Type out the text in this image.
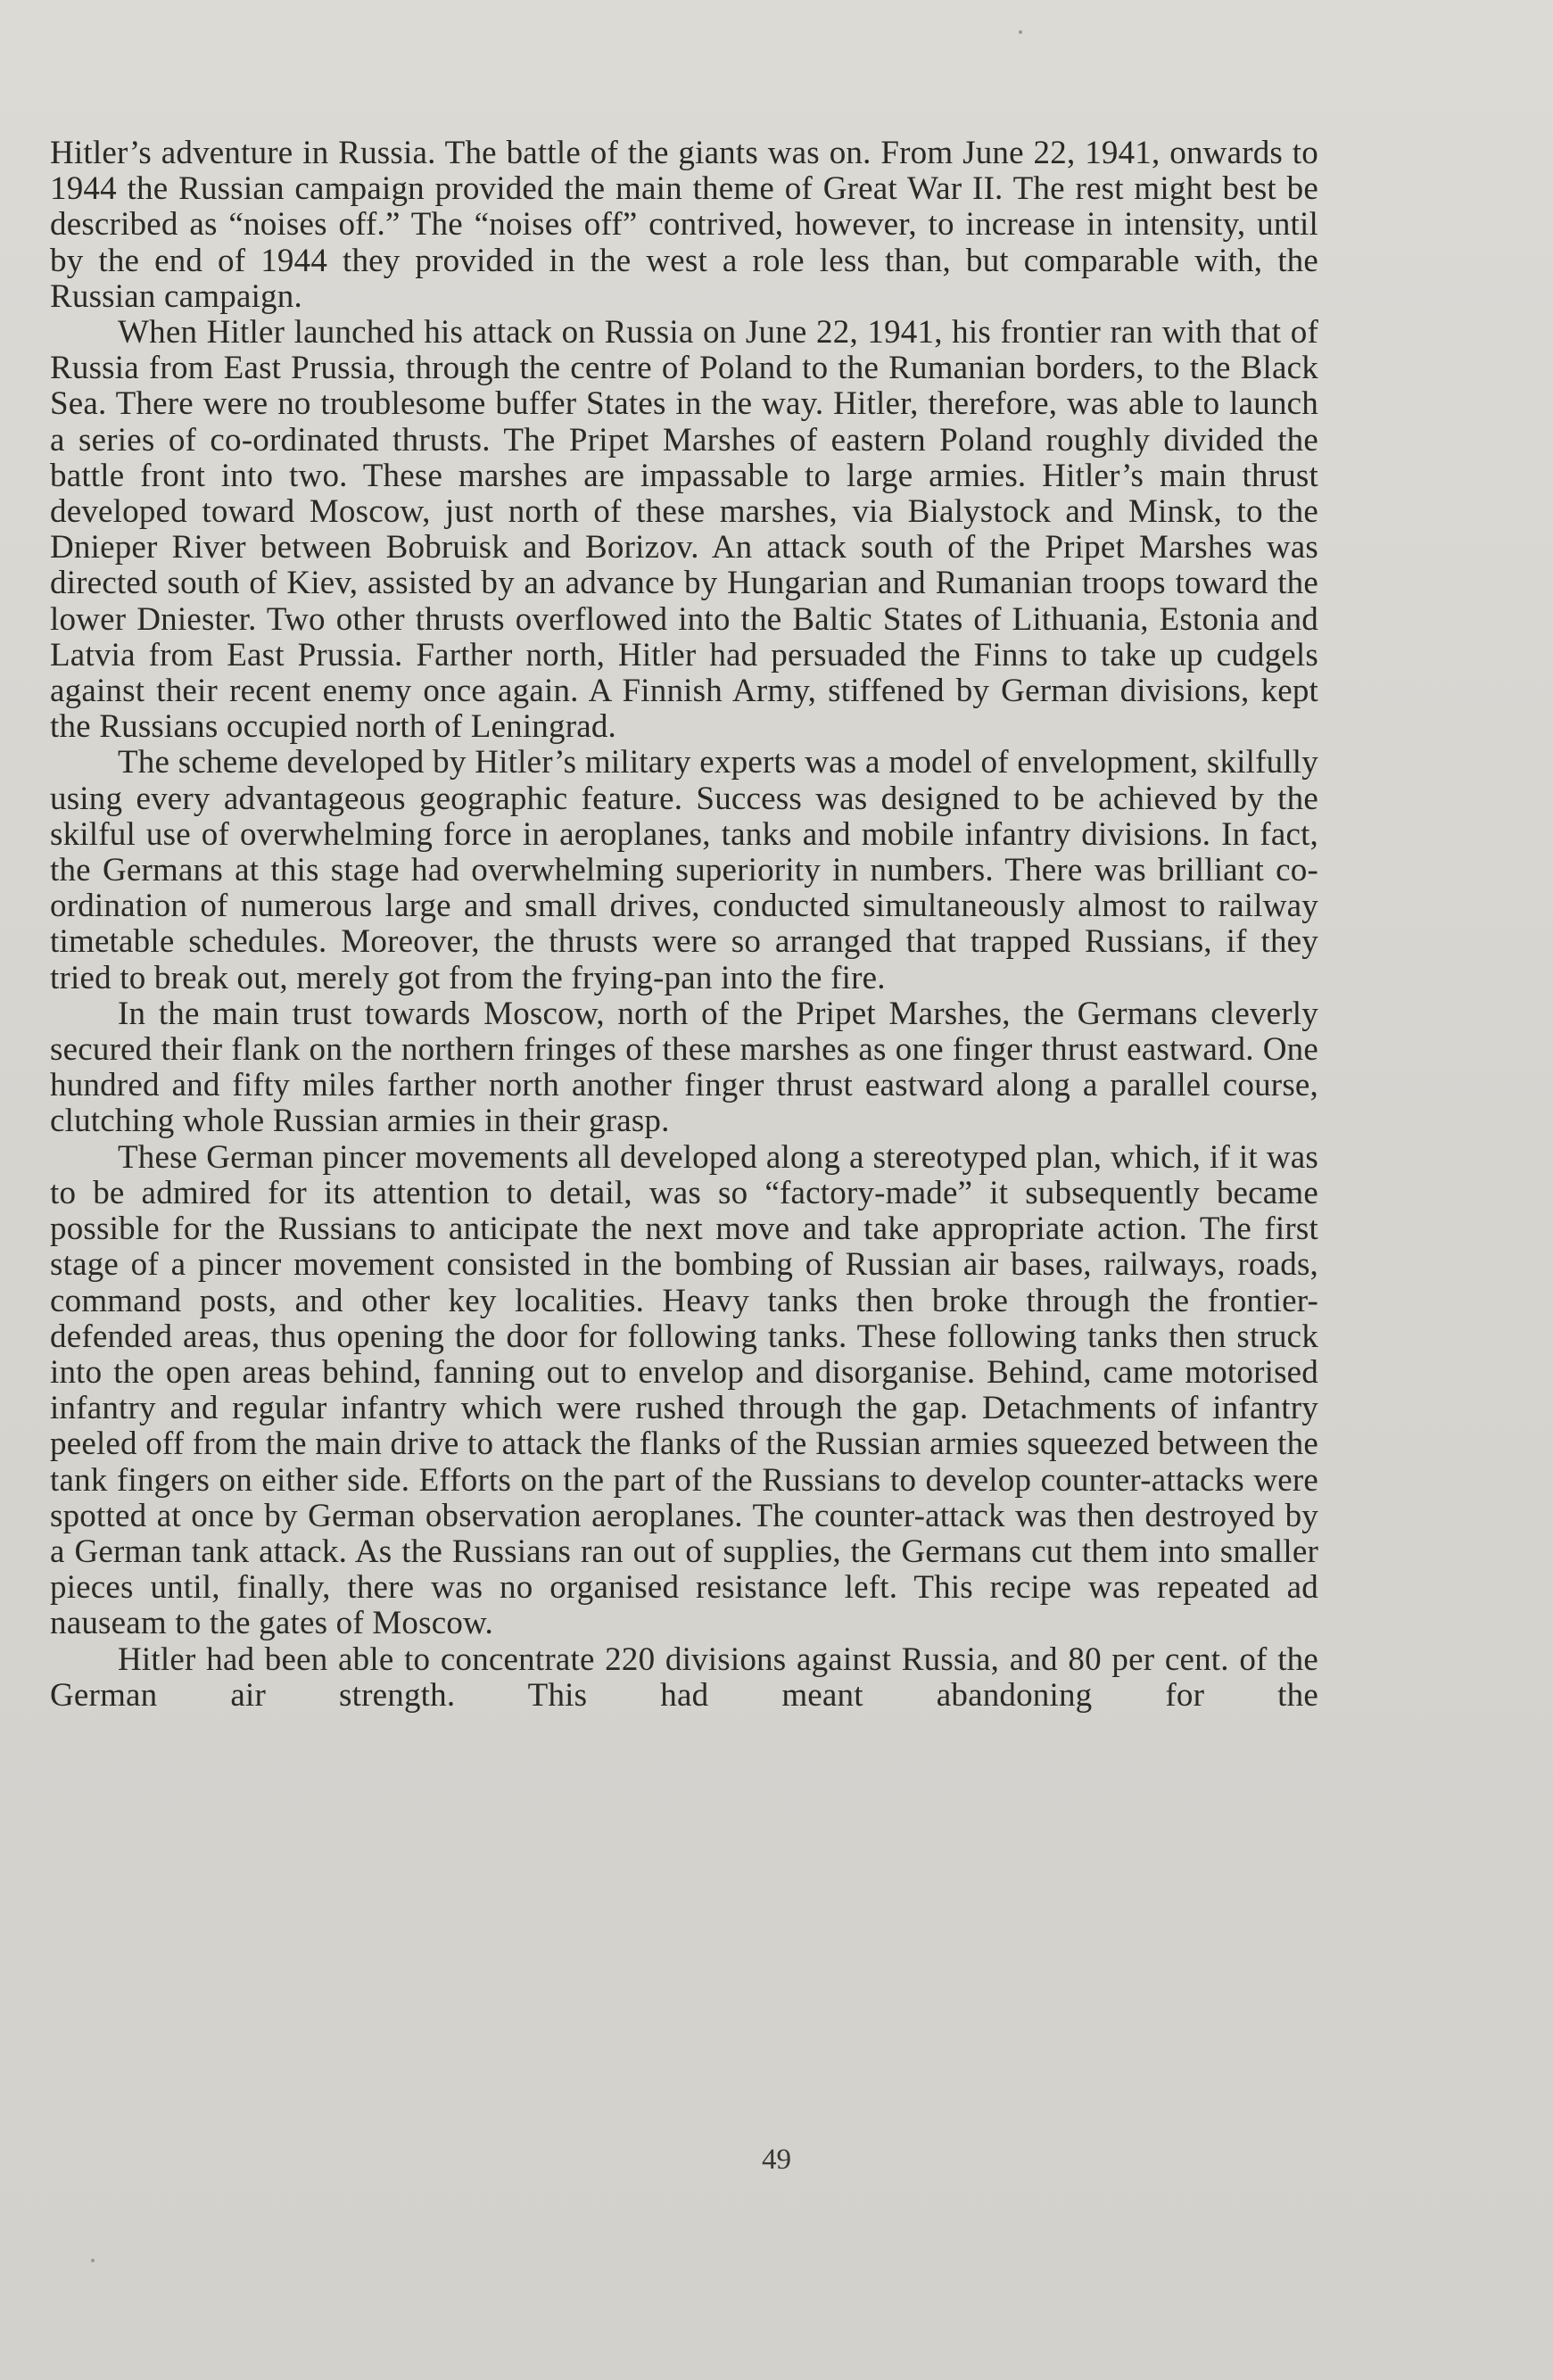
Hitler’s adventure in Russia. The battle of the giants was on. From June 22, 1941, onwards to 1944 the Russian campaign provided the main theme of Great War II. The rest might best be described as “noises off.” The “noises off” contrived, however, to increase in intensity, until by the end of 1944 they provided in the west a role less than, but comparable with, the Russian campaign.

When Hitler launched his attack on Russia on June 22, 1941, his frontier ran with that of Russia from East Prussia, through the centre of Poland to the Rumanian borders, to the Black Sea. There were no troublesome buffer States in the way. Hitler, therefore, was able to launch a series of co-ordinated thrusts. The Pripet Marshes of eastern Poland roughly divided the battle front into two. These marshes are impassable to large armies. Hitler’s main thrust developed toward Moscow, just north of these marshes, via Bialystock and Minsk, to the Dnieper River between Bobruisk and Borizov. An attack south of the Pripet Marshes was directed south of Kiev, assisted by an advance by Hungarian and Rumanian troops toward the lower Dniester. Two other thrusts overflowed into the Baltic States of Lithuania, Estonia and Latvia from East Prussia. Farther north, Hitler had persuaded the Finns to take up cudgels against their recent enemy once again. A Finnish Army, stiffened by German divisions, kept the Russians occupied north of Leningrad.

The scheme developed by Hitler’s military experts was a model of envelopment, skilfully using every advantageous geographic feature. Success was designed to be achieved by the skilful use of overwhelming force in aeroplanes, tanks and mobile infantry divisions. In fact, the Germans at this stage had overwhelming superiority in numbers. There was brilliant co-ordination of numerous large and small drives, conducted simultaneously almost to railway timetable schedules. Moreover, the thrusts were so arranged that trapped Russians, if they tried to break out, merely got from the frying-pan into the fire.

In the main trust towards Moscow, north of the Pripet Marshes, the Germans cleverly secured their flank on the northern fringes of these marshes as one finger thrust eastward. One hundred and fifty miles farther north another finger thrust eastward along a parallel course, clutching whole Russian armies in their grasp.

These German pincer movements all developed along a stereotyped plan, which, if it was to be admired for its attention to detail, was so “factory-made” it subsequently became possible for the Russians to anticipate the next move and take appropriate action. The first stage of a pincer movement consisted in the bombing of Russian air bases, railways, roads, command posts, and other key localities. Heavy tanks then broke through the frontier-defended areas, thus opening the door for following tanks. These following tanks then struck into the open areas behind, fanning out to envelop and disorganise. Behind, came motorised infantry and regular infantry which were rushed through the gap. Detachments of infantry peeled off from the main drive to attack the flanks of the Russian armies squeezed between the tank fingers on either side. Efforts on the part of the Russians to develop counter-attacks were spotted at once by German observation aeroplanes. The counter-attack was then destroyed by a German tank attack. As the Russians ran out of supplies, the Germans cut them into smaller pieces until, finally, there was no organised resistance left. This recipe was repeated ad nauseam to the gates of Moscow.

Hitler had been able to concentrate 220 divisions against Russia, and 80 per cent. of the German air strength. This had meant abandoning for the

49
